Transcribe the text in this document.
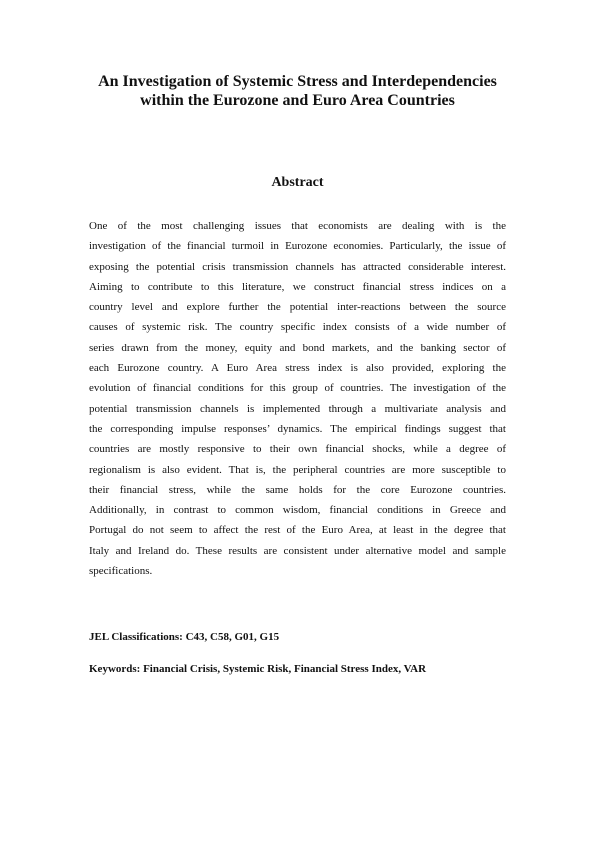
An Investigation of Systemic Stress and Interdependencies
within the Eurozone and Euro Area Countries
Abstract
One of the most challenging issues that economists are dealing with is the
investigation of the financial turmoil in Eurozone economies. Particularly, the issue of
exposing the potential crisis transmission channels has attracted considerable interest.
Aiming to contribute to this literature, we construct financial stress indices on a
country level and explore further the potential inter-reactions between the source
causes of systemic risk. The country specific index consists of a wide number of
series drawn from the money, equity and bond markets, and the banking sector of
each Eurozone country. A Euro Area stress index is also provided, exploring the
evolution of financial conditions for this group of countries. The investigation of the
potential transmission channels is implemented through a multivariate analysis and
the corresponding impulse responses’ dynamics. The empirical findings suggest that
countries are mostly responsive to their own financial shocks, while a degree of
regionalism is also evident. That is, the peripheral countries are more susceptible to
their financial stress, while the same holds for the core Eurozone countries.
Additionally, in contrast to common wisdom, financial conditions in Greece and
Portugal do not seem to affect the rest of the Euro Area, at least in the degree that
Italy and Ireland do. These results are consistent under alternative model and sample
specifications.
JEL Classifications: C43, C58, G01, G15
Keywords: Financial Crisis, Systemic Risk, Financial Stress Index, VAR
